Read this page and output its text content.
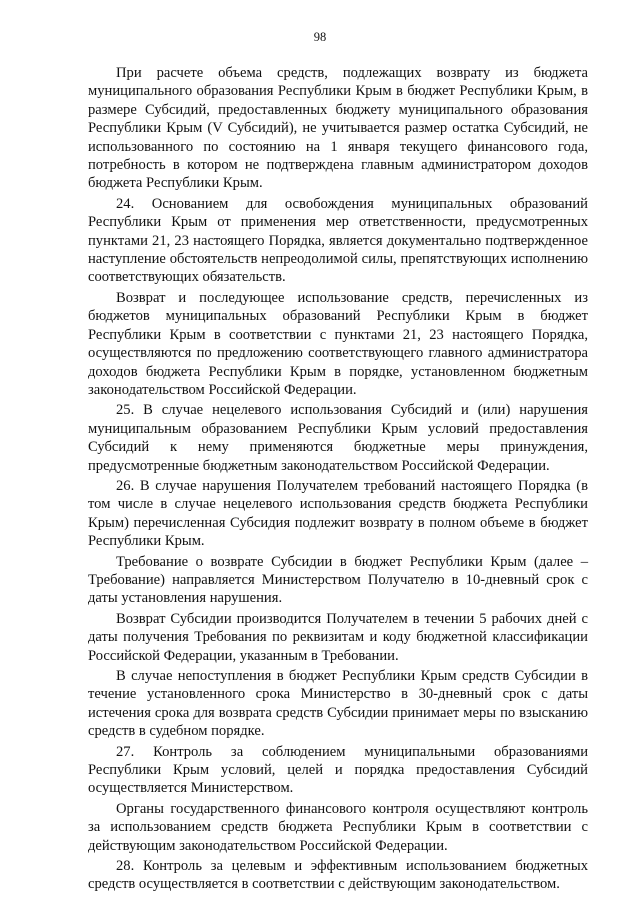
98

При расчете объема средств, подлежащих возврату из бюджета муниципального образования Республики Крым в бюджет Республики Крым, в размере Субсидий, предоставленных бюджету муниципального образования Республики Крым (V Субсидий), не учитывается размер остатка Субсидий, не использованного по состоянию на 1 января текущего финансового года, потребность в котором не подтверждена главным администратором доходов бюджета Республики Крым.

24. Основанием для освобождения муниципальных образований Республики Крым от применения мер ответственности, предусмотренных пунктами 21, 23 настоящего Порядка, является документально подтвержденное наступление обстоятельств непреодолимой силы, препятствующих исполнению соответствующих обязательств.

Возврат и последующее использование средств, перечисленных из бюджетов муниципальных образований Республики Крым в бюджет Республики Крым в соответствии с пунктами 21, 23 настоящего Порядка, осуществляются по предложению соответствующего главного администратора доходов бюджета Республики Крым в порядке, установленном бюджетным законодательством Российской Федерации.

25. В случае нецелевого использования Субсидий и (или) нарушения муниципальным образованием Республики Крым условий предоставления Субсидий к нему применяются бюджетные меры принуждения, предусмотренные бюджетным законодательством Российской Федерации.

26. В случае нарушения Получателем требований настоящего Порядка (в том числе в случае нецелевого использования средств бюджета Республики Крым) перечисленная Субсидия подлежит возврату в полном объеме в бюджет Республики Крым.

Требование о возврате Субсидии в бюджет Республики Крым (далее – Требование) направляется Министерством Получателю в 10-дневный срок с даты установления нарушения.

Возврат Субсидии производится Получателем в течении 5 рабочих дней с даты получения Требования по реквизитам и коду бюджетной классификации Российской Федерации, указанным в Требовании.

В случае непоступления в бюджет Республики Крым средств Субсидии в течение установленного срока Министерство в 30-дневный срок с даты истечения срока для возврата средств Субсидии принимает меры по взысканию средств в судебном порядке.

27. Контроль за соблюдением муниципальными образованиями Республики Крым условий, целей и порядка предоставления Субсидий осуществляется Министерством.

Органы государственного финансового контроля осуществляют контроль за использованием средств бюджета Республики Крым в соответствии с действующим законодательством Российской Федерации.

28. Контроль за целевым и эффективным использованием бюджетных средств осуществляется в соответствии с действующим законодательством.
